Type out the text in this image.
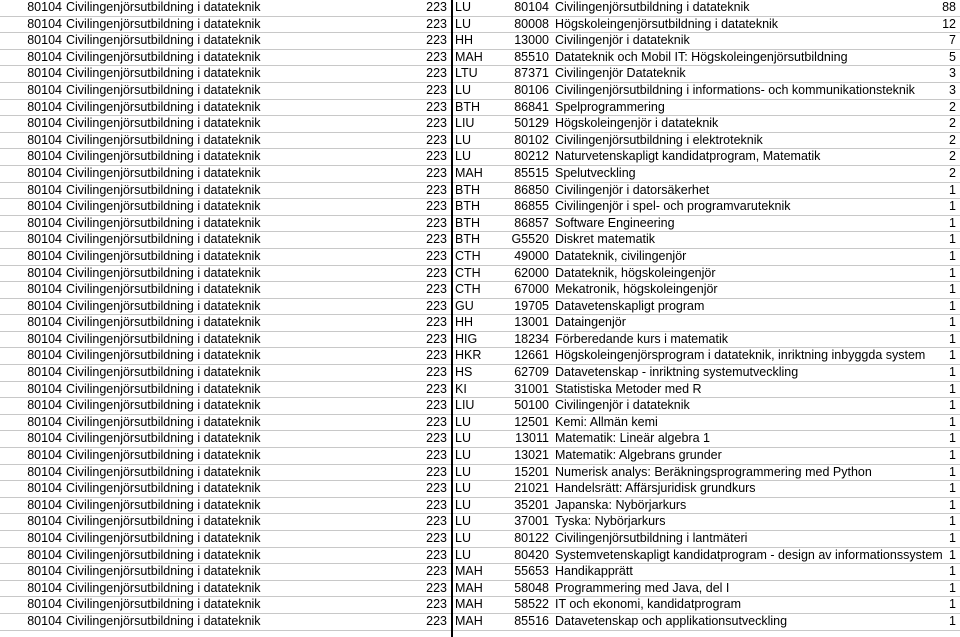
80104 Civilingenjörsutbildning i datateknik	223 LU	80104 Civilingenjörsutbildning i datateknik	88
80104 Civilingenjörsutbildning i datateknik	223 LU	80008 Högskoleingenjörsutbildning i datateknik	12
80104 Civilingenjörsutbildning i datateknik	223 HH	13000 Civilingenjör i datateknik	7
80104 Civilingenjörsutbildning i datateknik	223 MAH	85510 Datateknik och Mobil IT: Högskoleingenjörsutbildning	5
80104 Civilingenjörsutbildning i datateknik	223 LTU	87371 Civilingenjör Datateknik	3
80104 Civilingenjörsutbildning i datateknik	223 LU	80106 Civilingenjörsutbildning i informations- och kommunikationsteknik	3
80104 Civilingenjörsutbildning i datateknik	223 BTH	86841 Spelprogrammering	2
80104 Civilingenjörsutbildning i datateknik	223 LIU	50129 Högskoleingenjör i datateknik	2
80104 Civilingenjörsutbildning i datateknik	223 LU	80102 Civilingenjörsutbildning i elektroteknik	2
80104 Civilingenjörsutbildning i datateknik	223 LU	80212 Naturvetenskapligt kandidatprogram, Matematik	2
80104 Civilingenjörsutbildning i datateknik	223 MAH	85515 Spelutveckling	2
80104 Civilingenjörsutbildning i datateknik	223 BTH	86850 Civilingenjör i datorsäkerhet	1
80104 Civilingenjörsutbildning i datateknik	223 BTH	86855 Civilingenjör i spel- och programvaruteknik	1
80104 Civilingenjörsutbildning i datateknik	223 BTH	86857 Software Engineering	1
80104 Civilingenjörsutbildning i datateknik	223 BTH	G5520 Diskret matematik	1
80104 Civilingenjörsutbildning i datateknik	223 CTH	49000 Datateknik, civilingenjör	1
80104 Civilingenjörsutbildning i datateknik	223 CTH	62000 Datateknik, högskoleingenjör	1
80104 Civilingenjörsutbildning i datateknik	223 CTH	67000 Mekatronik, högskoleingenjör	1
80104 Civilingenjörsutbildning i datateknik	223 GU	19705 Datavetenskapligt program	1
80104 Civilingenjörsutbildning i datateknik	223 HH	13001 Dataingenjör	1
80104 Civilingenjörsutbildning i datateknik	223 HIG	18234 Förberedande kurs i matematik	1
80104 Civilingenjörsutbildning i datateknik	223 HKR	12661 Högskoleingenjörsprogram i datateknik, inriktning inbyggda system	1
80104 Civilingenjörsutbildning i datateknik	223 HS	62709 Datavetenskap - inriktning systemutveckling	1
80104 Civilingenjörsutbildning i datateknik	223 KI	31001 Statistiska Metoder med R	1
80104 Civilingenjörsutbildning i datateknik	223 LIU	50100 Civilingenjör i datateknik	1
80104 Civilingenjörsutbildning i datateknik	223 LU	12501 Kemi: Allmän kemi	1
80104 Civilingenjörsutbildning i datateknik	223 LU	13011 Matematik: Lineär algebra 1	1
80104 Civilingenjörsutbildning i datateknik	223 LU	13021 Matematik: Algebrans grunder	1
80104 Civilingenjörsutbildning i datateknik	223 LU	15201 Numerisk analys: Beräkningsprogrammering med Python	1
80104 Civilingenjörsutbildning i datateknik	223 LU	21021 Handelsrätt: Affärsjuridisk grundkurs	1
80104 Civilingenjörsutbildning i datateknik	223 LU	35201 Japanska: Nybörjarkurs	1
80104 Civilingenjörsutbildning i datateknik	223 LU	37001 Tyska: Nybörjarkurs	1
80104 Civilingenjörsutbildning i datateknik	223 LU	80122 Civilingenjörsutbildning i lantmäteri	1
80104 Civilingenjörsutbildning i datateknik	223 LU	80420 Systemvetenskapligt kandidatprogram - design av informationssystem 1
80104 Civilingenjörsutbildning i datateknik	223 MAH	55653 Handikapprätt	1
80104 Civilingenjörsutbildning i datateknik	223 MAH	58048 Programmering med Java, del I	1
80104 Civilingenjörsutbildning i datateknik	223 MAH	58522 IT och ekonomi, kandidatprogram	1
80104 Civilingenjörsutbildning i datateknik	223 MAH	85516 Datavetenskap och applikationsutveckling	1
